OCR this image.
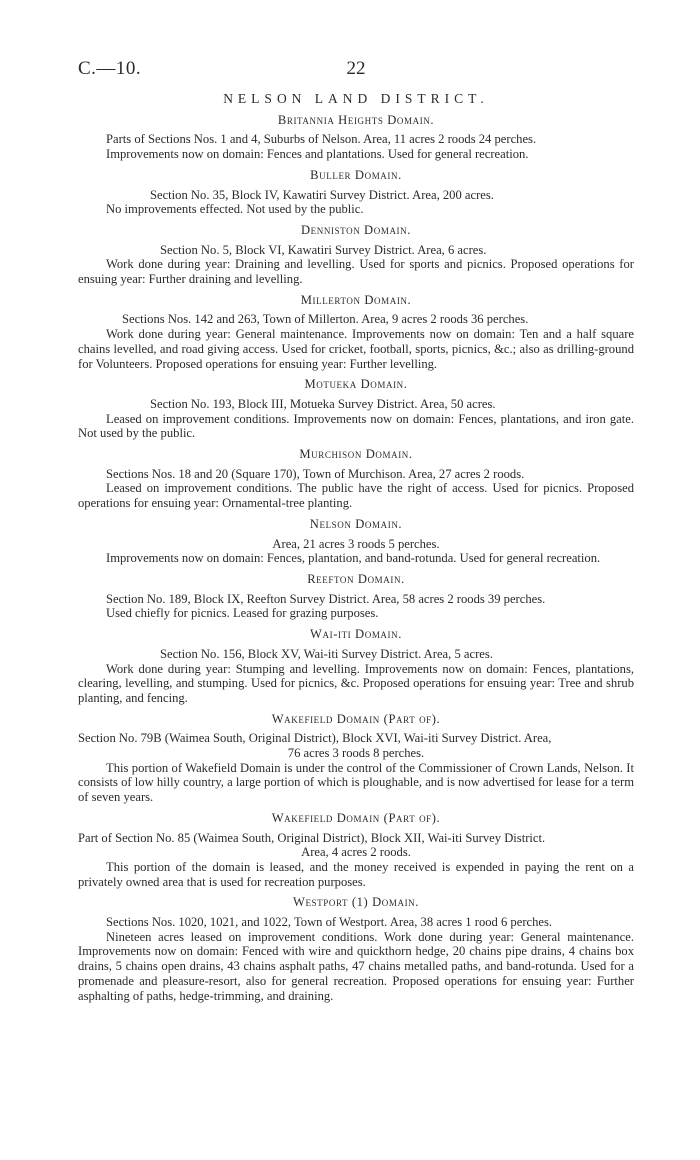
C.—10.	22
NELSON LAND DISTRICT.
Britannia Heights Domain.

Parts of Sections Nos. 1 and 4, Suburbs of Nelson. Area, 11 acres 2 roods 24 perches.

Improvements now on domain: Fences and plantations. Used for general recreation.

Buller Domain.

Section No. 35, Block IV, Kawatiri Survey District. Area, 200 acres.

No improvements effected. Not used by the public.

Denniston Domain.

Section No. 5, Block VI, Kawatiri Survey District. Area, 6 acres.

Work done during year: Draining and levelling. Used for sports and picnics. Proposed operations for ensuing year: Further draining and levelling.

Millerton Domain.

Sections Nos. 142 and 263, Town of Millerton. Area, 9 acres 2 roods 36 perches.

Work done during year: General maintenance. Improvements now on domain: Ten and a half square chains levelled, and road giving access. Used for cricket, football, sports, picnics, &c.; also as drilling-ground for Volunteers. Proposed operations for ensuing year: Further levelling.

Motueka Domain.

Section No. 193, Block III, Motueka Survey District. Area, 50 acres.

Leased on improvement conditions. Improvements now on domain: Fences, plantations, and iron gate. Not used by the public.

Murchison Domain.

Sections Nos. 18 and 20 (Square 170), Town of Murchison. Area, 27 acres 2 roods.

Leased on improvement conditions. The public have the right of access. Used for picnics. Proposed operations for ensuing year: Ornamental-tree planting.

Nelson Domain.

Area, 21 acres 3 roods 5 perches.

Improvements now on domain: Fences, plantation, and band-rotunda. Used for general recreation.

Reefton Domain.

Section No. 189, Block IX, Reefton Survey District. Area, 58 acres 2 roods 39 perches.

Used chiefly for picnics. Leased for grazing purposes.

Wai-iti Domain.

Section No. 156, Block XV, Wai-iti Survey District. Area, 5 acres.

Work done during year: Stumping and levelling. Improvements now on domain: Fences, plantations, clearing, levelling, and stumping. Used for picnics, &c. Proposed operations for ensuing year: Tree and shrub planting, and fencing.

Wakefield Domain (Part of).

Section No. 79B (Waimea South, Original District), Block XVI, Wai-iti Survey District. Area,

76 acres 3 roods 8 perches.

This portion of Wakefield Domain is under the control of the Commissioner of Crown Lands, Nelson. It consists of low hilly country, a large portion of which is ploughable, and is now advertised for lease for a term of seven years.

Wakefield Domain (Part of).

Part of Section No. 85 (Waimea South, Original District), Block XII, Wai-iti Survey District.

Area, 4 acres 2 roods.

This portion of the domain is leased, and the money received is expended in paying the rent on a privately owned area that is used for recreation purposes.

Westport (1) Domain.

Sections Nos. 1020, 1021, and 1022, Town of Westport. Area, 38 acres 1 rood 6 perches.

Nineteen acres leased on improvement conditions. Work done during year: General maintenance. Improvements now on domain: Fenced with wire and quickthorn hedge, 20 chains pipe drains, 4 chains box drains, 5 chains open drains, 43 chains asphalt paths, 47 chains metalled paths, and band-rotunda. Used for a promenade and pleasure-resort, also for general recreation. Proposed operations for ensuing year: Further asphalting of paths, hedge-trimming, and draining.
